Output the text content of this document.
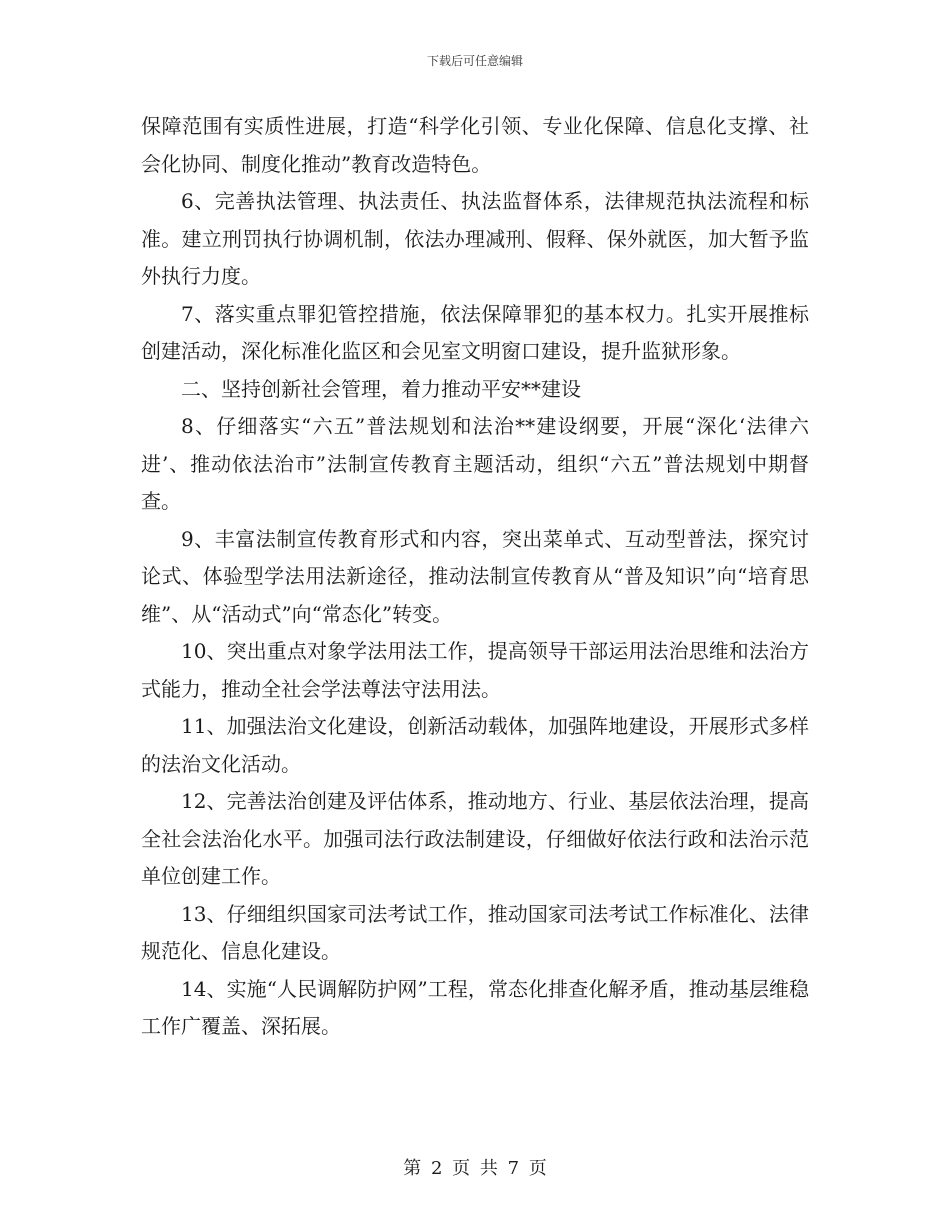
下载后可任意编辑

保障范围有实质性进展，打造“科学化引领、专业化保障、信息化支撑、社会化协同、制度化推动”教育改造特色。

6、完善执法管理、执法责任、执法监督体系，法律规范执法流程和标准。建立刑罚执行协调机制，依法办理减刑、假释、保外就医，加大暂予监外执行力度。

7、落实重点罪犯管控措施，依法保障罪犯的基本权力。扎实开展推标创建活动，深化标准化监区和会见室文明窗口建设，提升监狱形象。

二、坚持创新社会管理，着力推动平安**建设

8、仔细落实“六五”普法规划和法治**建设纲要，开展“深化‘法律六进’、推动依法治市”法制宣传教育主题活动，组织“六五”普法规划中期督查。

9、丰富法制宣传教育形式和内容，突出菜单式、互动型普法，探究讨论式、体验型学法用法新途径，推动法制宣传教育从“普及知识”向“培育思维”、从“活动式”向“常态化”转变。

10、突出重点对象学法用法工作，提高领导干部运用法治思维和法治方式能力，推动全社会学法尊法守法用法。

11、加强法治文化建设，创新活动载体，加强阵地建设，开展形式多样的法治文化活动。

12、完善法治创建及评估体系，推动地方、行业、基层依法治理，提高全社会法治化水平。加强司法行政法制建设，仔细做好依法行政和法治示范单位创建工作。

13、仔细组织国家司法考试工作，推动国家司法考试工作标准化、法律规范化、信息化建设。

14、实施“人民调解防护网”工程，常态化排查化解矛盾，推动基层维稳工作广覆盖、深拓展。

第 2 页 共 7 页
